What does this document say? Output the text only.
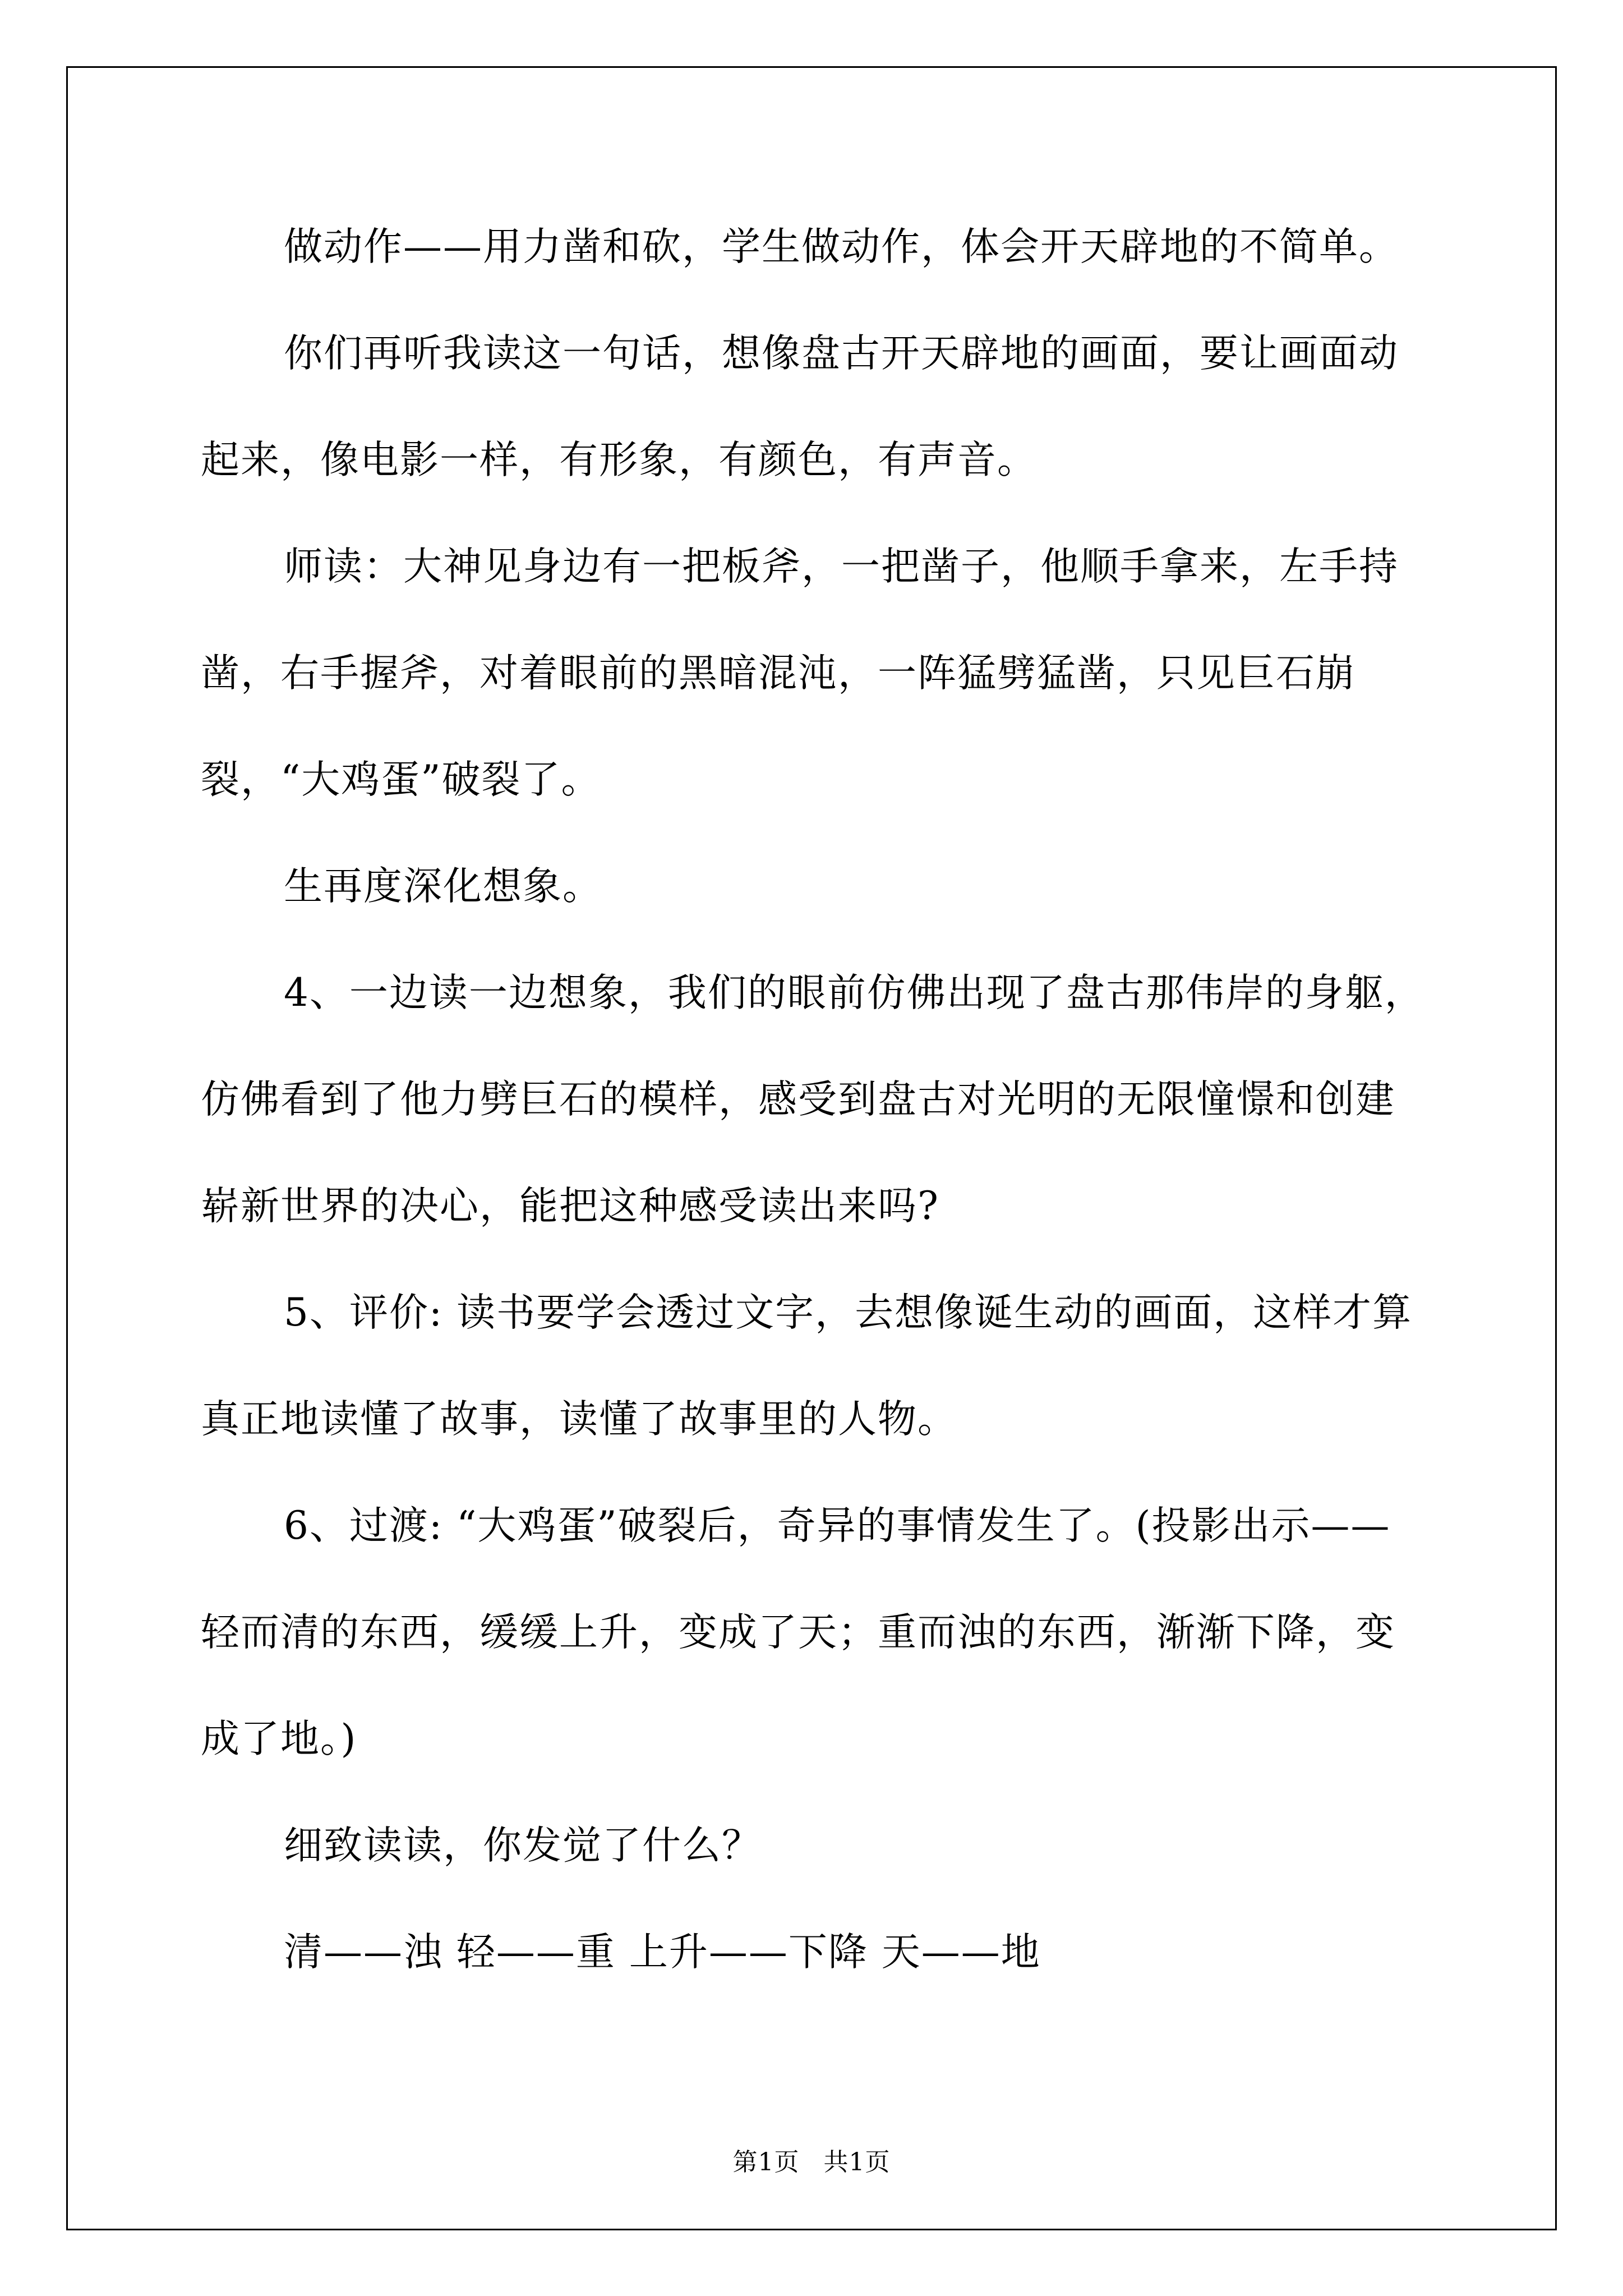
做动作——用力凿和砍，学生做动作，体会开天辟地的不简单。

你们再听我读这一句话，想像盘古开天辟地的画面，要让画面动起来，像电影一样，有形象，有颜色，有声音。

师读：大神见身边有一把板斧，一把凿子，他顺手拿来，左手持凿，右手握斧，对着眼前的黑暗混沌，一阵猛劈猛凿，只见巨石崩裂，“大鸡蛋”破裂了。

生再度深化想象。

4、一边读一边想象，我们的眼前仿佛出现了盘古那伟岸的身躯，仿佛看到了他力劈巨石的模样，感受到盘古对光明的无限憧憬和创建崭新世界的决心，能把这种感受读出来吗?

5、评价: 读书要学会透过文字，去想像诞生动的画面，这样才算真正地读懂了故事，读懂了故事里的人物。

6、过渡: “大鸡蛋”破裂后，奇异的事情发生了。(投影出示——轻而清的东西，缓缓上升，变成了天；重而浊的东西，渐渐下降，变成了地。)

细致读读，你发觉了什么？

清——浊 轻——重 上升——下降 天——地

第1页 共1页
